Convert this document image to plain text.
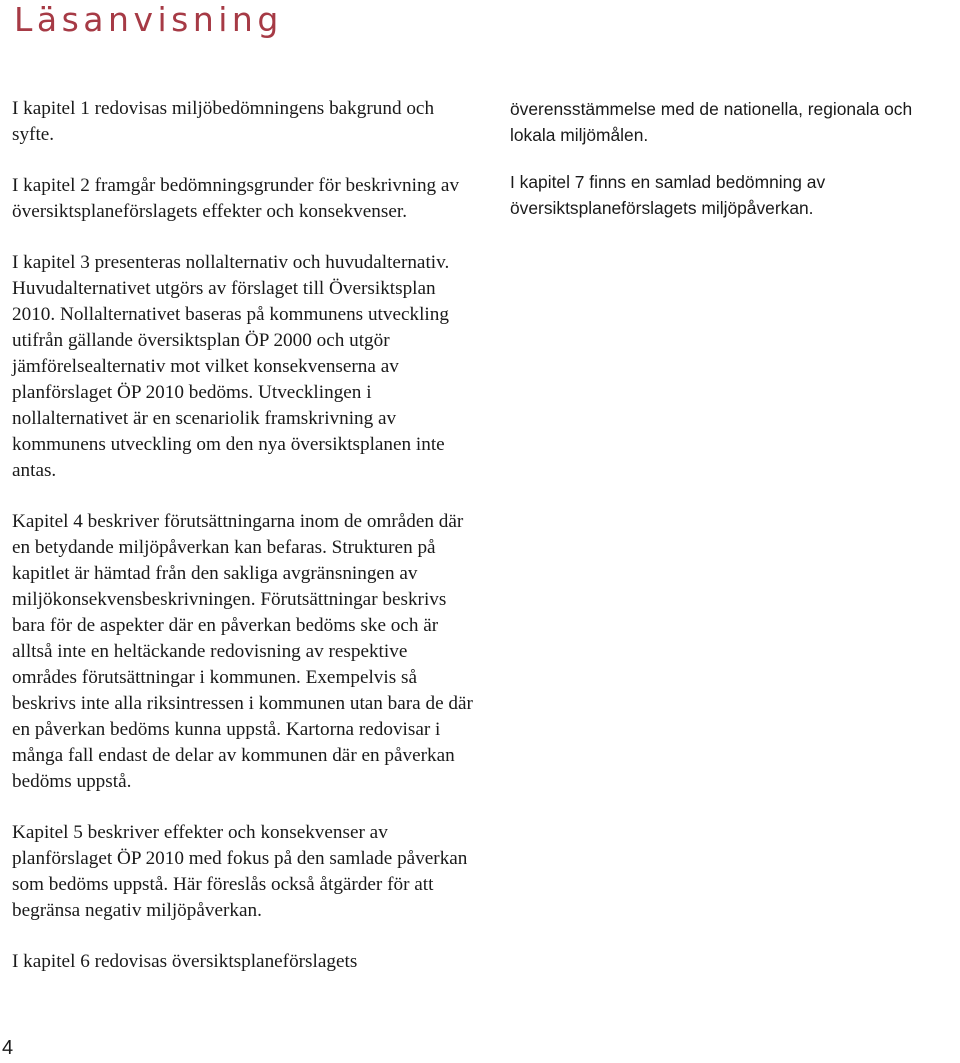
Läsanvisning

I kapitel 1 redovisas miljöbedömningens bakgrund och syfte.

I kapitel 2 framgår bedömningsgrunder för beskrivning av översiktsplaneförslagets effekter och konsekvenser.

I kapitel 3 presenteras nollalternativ och huvudalternativ. Huvudalternativet utgörs av förslaget till Översiktsplan 2010. Nollalternativet baseras på kommunens utveckling utifrån gällande översiktsplan ÖP 2000 och utgör jämförelsealternativ mot vilket konsekvenserna av planförslaget ÖP 2010 bedöms. Utvecklingen i nollalternativet är en scenariolik framskrivning av kommunens utveckling om den nya översiktsplanen inte antas.

Kapitel 4 beskriver förutsättningarna inom de områden där en betydande miljöpåverkan kan befaras. Strukturen på kapitlet är hämtad från den sakliga avgränsningen av miljökonsekvensbeskrivningen. Förutsättningar beskrivs bara för de aspekter där en påverkan bedöms ske och är alltså inte en heltäckande redovisning av respektive områdes förutsättningar i kommunen. Exempelvis så beskrivs inte alla riksintressen i kommunen utan bara de där en påverkan bedöms kunna uppstå. Kartorna redovisar i många fall endast de delar av kommunen där en påverkan bedöms uppstå.

Kapitel 5 beskriver effekter och konsekvenser av planförslaget ÖP 2010 med fokus på den samlade påverkan som bedöms uppstå. Här föreslås också åtgärder för att begränsa negativ miljöpåverkan.

I kapitel 6 redovisas översiktsplaneförslagets

överensstämmelse med de nationella, regionala och lokala miljömålen.

I kapitel 7 finns en samlad bedömning av översiktsplaneförslagets miljöpåverkan.

4
